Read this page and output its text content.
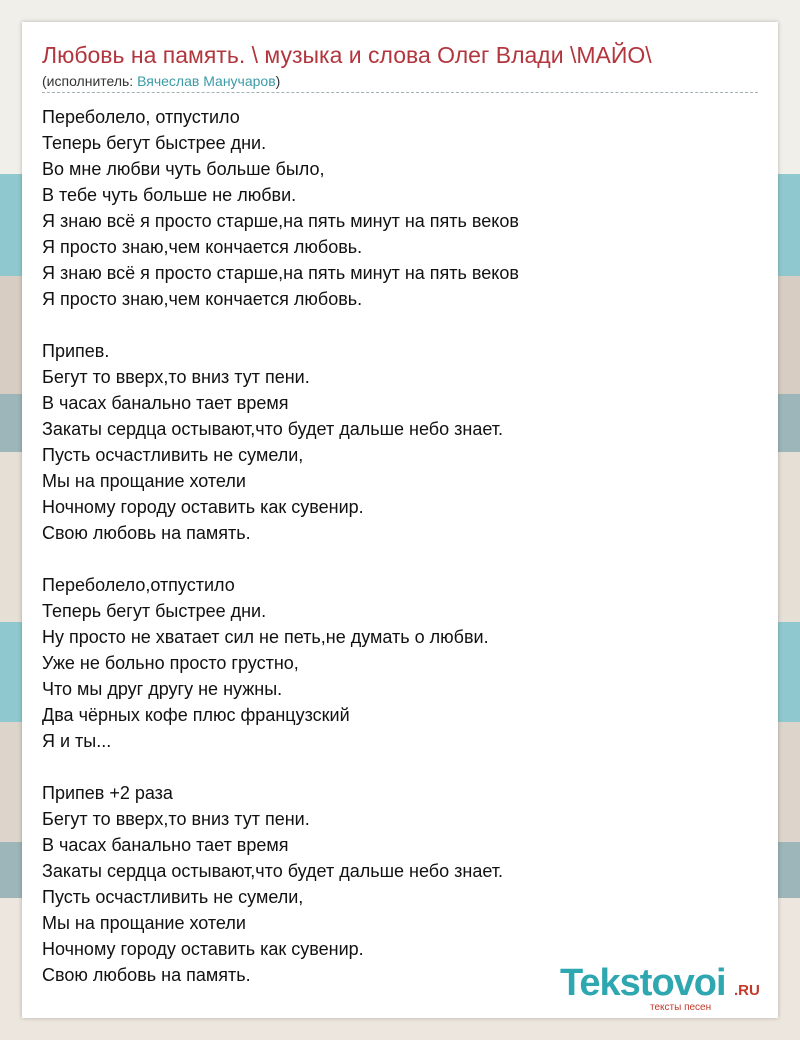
Любовь на память. \ музыка и слова Олег Влади \МАЙО\
(исполнитель: Вячеслав Манучаров)
Переболело, отпустило
Теперь бегут быстрее дни.
Во мне любви чуть больше было,
В тебе чуть больше не любви.
Я знаю всё я просто старше,на пять минут на пять веков
Я просто знаю,чем кончается любовь.
Я знаю всё я просто старше,на пять минут на пять веков
Я просто знаю,чем кончается любовь.
Припев.
Бегут то вверх,то вниз тут пени.
В часах банально тает время
Закаты сердца остывают,что будет дальше небо знает.
Пусть осчастливить не сумели,
Мы на прощание хотели
Ночному городу оставить как сувенир.
Свою любовь на память.
Переболело,отпустило
Теперь бегут быстрее дни.
Ну просто не хватает сил не петь,не думать о любви.
Уже не больно просто грустно,
Что мы друг другу не нужны.
Два чёрных кофе плюс французский
Я и ты...
Припев +2 раза
Бегут то вверх,то вниз тут пени.
В часах банально тает время
Закаты сердца остывают,что будет дальше небо знает.
Пусть осчастливить не сумели,
Мы на прощание хотели
Ночному городу оставить как сувенир.
Свою любовь на память.	Tekstovoi .RU
тексты песен
